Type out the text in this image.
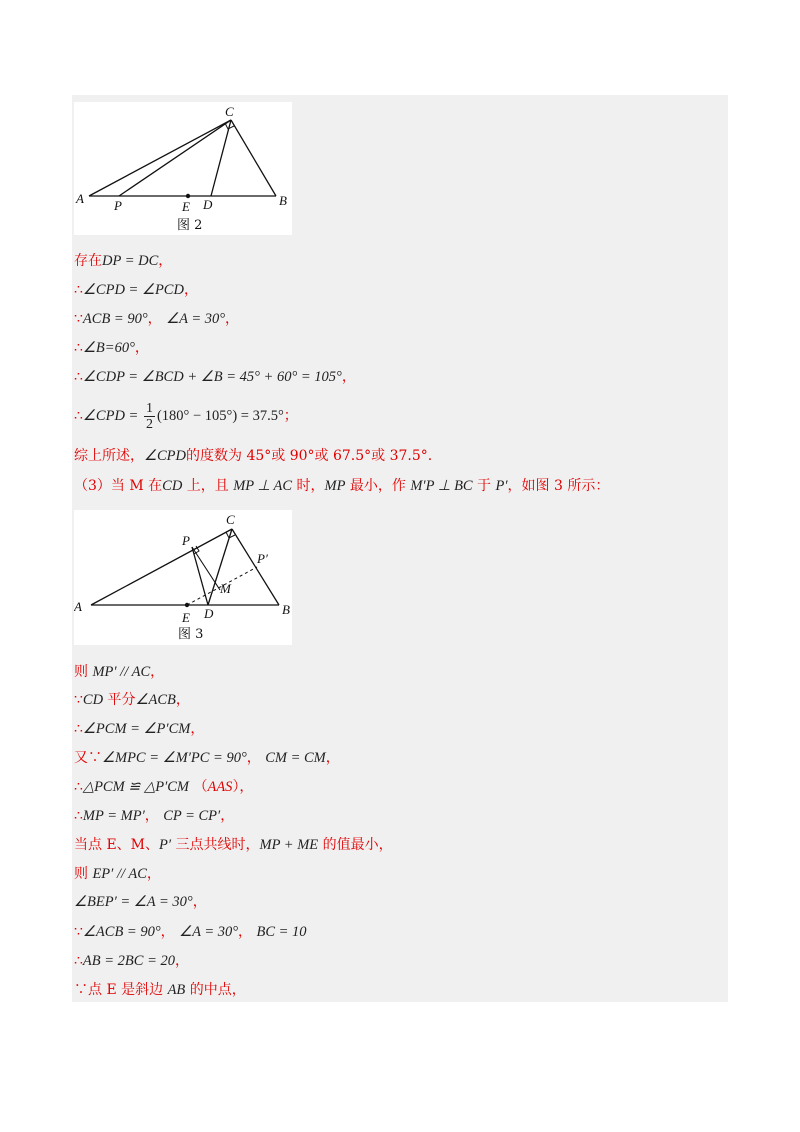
C
A P	E D	B
图 2
存在DP = DC，
∴∠CPD = ∠PCD，
∵ACB = 90°， ∠A = 30°，
∴∠B=60°，
∴∠CDP = ∠BCD + ∠B = 45° + 60° = 105°，
∴∠CPD = $\frac{1}{2} (180^\circ - 105^\circ) = 37.5^\circ$；
综上所述，∠CPD的度数为 45°或 90°或 67.5°或 37.5°.
（3）当 M 在CD 上，且 MP ⊥ AC 时，MP 最小，作 M′P ⊥ BC 于 P′，如图 3 所示：
C
A
P
P′
M
E D	B
图 3
则 MP′ // AC，
∵CD 平分∠ACB，
∴∠PCM = ∠P′CM，
又∵∠MPC = ∠M′PC = 90°， CM = CM，
∴△PCM ≌ △P′CM （AAS），
∴MP = MP′， CP = CP′，
当点 E、M、P′ 三点共线时，MP + ME 的值最小，
则 EP′ // AC，
∠BEP′ = ∠A = 30°，
∵∠ACB = 90°， ∠A = 30°， BC = 10
∴AB = 2BC = 20，
∵点 E 是斜边 AB 的中点，
